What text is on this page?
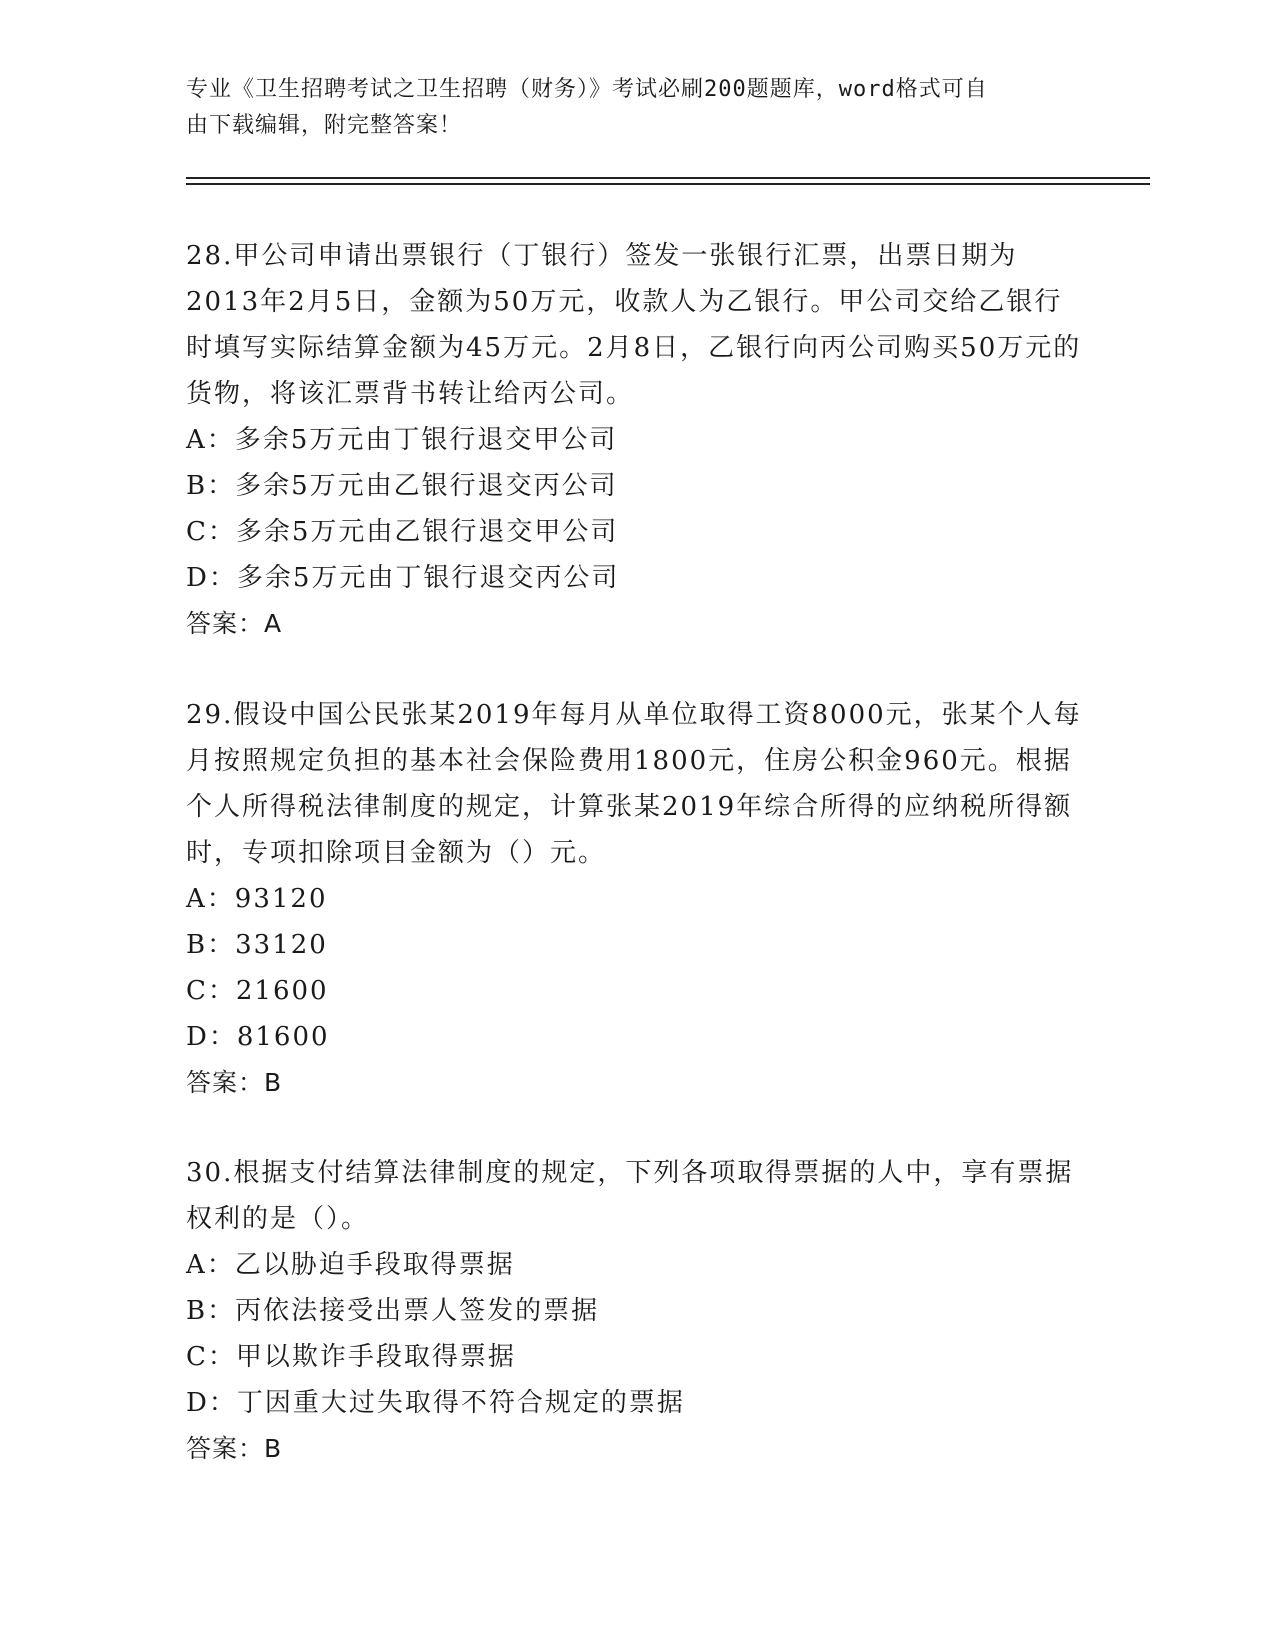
专业《卫生招聘考试之卫生招聘（财务）》考试必刷200题题库，word格式可自
由下载编辑，附完整答案！

28.甲公司申请出票银行（丁银行）签发一张银行汇票，出票日期为2013年2月5日，金额为50万元，收款人为乙银行。甲公司交给乙银行时填写实际结算金额为45万元。2月8日，乙银行向丙公司购买50万元的货物，将该汇票背书转让给丙公司。

A：多余5万元由丁银行退交甲公司
B：多余5万元由乙银行退交丙公司
C：多余5万元由乙银行退交甲公司
D：多余5万元由丁银行退交丙公司
答案：A

29.假设中国公民张某2019年每月从单位取得工资8000元，张某个人每月按照规定负担的基本社会保险费用1800元，住房公积金960元。根据个人所得税法律制度的规定，计算张某2019年综合所得的应纳税所得额时，专项扣除项目金额为（）元。

A：93120
B：33120
C：21600
D：81600
答案：B

30.根据支付结算法律制度的规定，下列各项取得票据的人中，享有票据权利的是（）。

A：乙以胁迫手段取得票据
B：丙依法接受出票人签发的票据
C：甲以欺诈手段取得票据
D：丁因重大过失取得不符合规定的票据
答案：B
